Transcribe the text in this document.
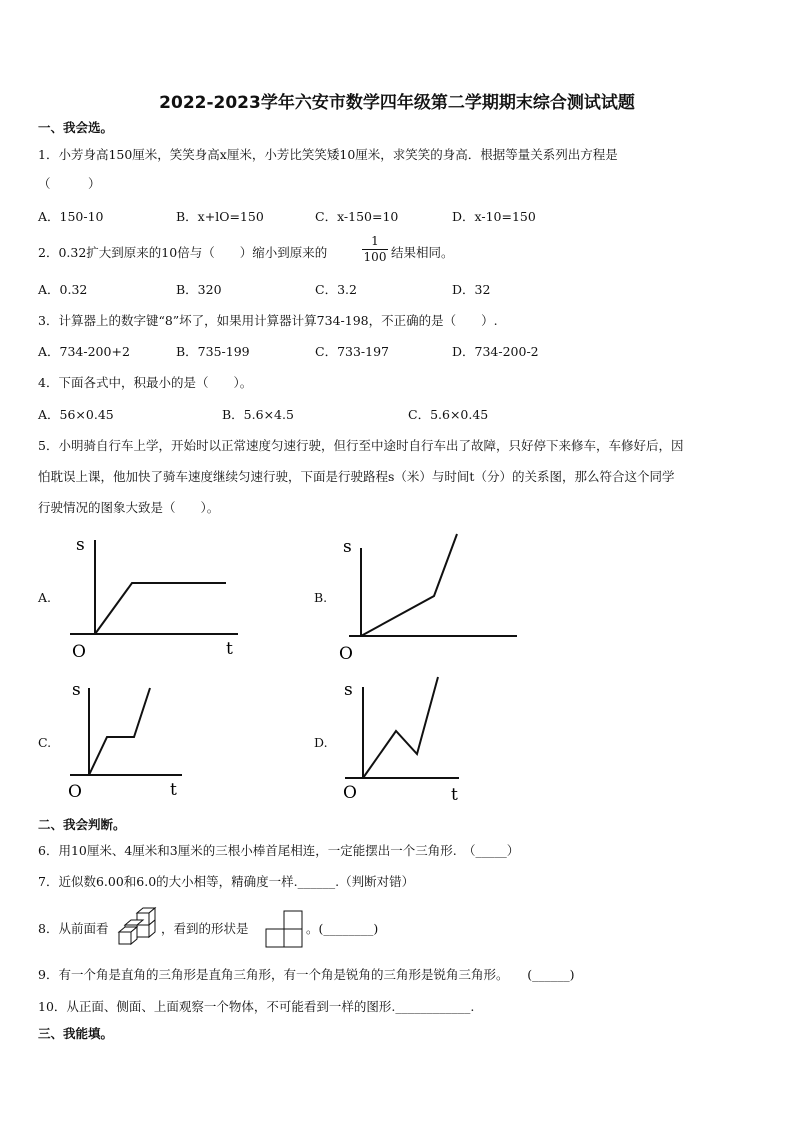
2022-2023学年六安市数学四年级第二学期期末综合测试试题
一、我会选。
1．小芳身高150厘米，笑笑身高x厘米，小芳比笑笑矮10厘米，求笑笑的身高．根据等量关系列出方程是
（　　　）
A．150-10	B．x+lO=150	C．x-150=10	D．x-10=150
2．0.32扩大到原来的10倍与（　　）缩小到原来的
1
100 结果相同。
A．0.32	B．320	C．3.2	D．32
3．计算器上的数字键“8”坏了，如果用计算器计算734-198，不正确的是（　　）.
A．734-200+2	B．735-199	C．733-197	D．734-200-2
4．下面各式中，积最小的是（　　）。
A．56×0.45	B．5.6×4.5	C．5.6×0.45
5．小明骑自行车上学，开始时以正常速度匀速行驶，但行至中途时自行车出了故障，只好停下来修车，车修好后，因
怕耽误上课，他加快了骑车速度继续匀速行驶，下面是行驶路程s（米）与时间t（分）的关系图，那么符合这个同学
行驶情况的图象大致是（　　）。
A.
s
O	t
B.
s
O
C.
s
O	t
D.
s
O	t
二、我会判断。
6．用10厘米、4厘米和3厘米的三根小棒首尾相连，一定能摆出一个三角形.　（_____）
7．近似数6.00和6.0的大小相等，精确度一样.______.（判断对错）
8．从前面看	，看到的形状是	。(________)
9．有一个角是直角的三角形是直角三角形，有一个角是锐角的三角形是锐角三角形。　　(______)
10．从正面、侧面、上面观察一个物体，不可能看到一样的图形.____________.
三、我能填。
